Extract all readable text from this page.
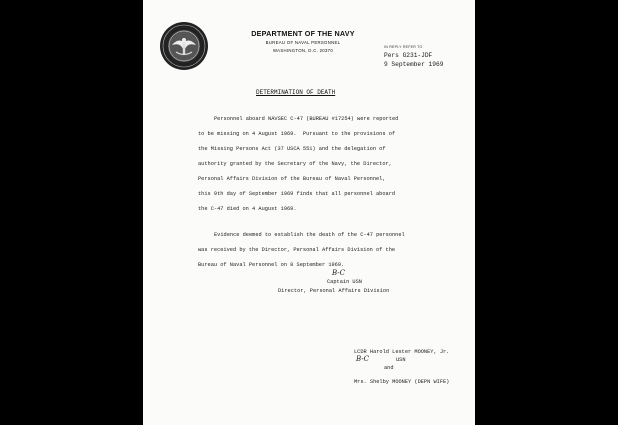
DEPARTMENT OF THE NAVY
BUREAU OF NAVAL PERSONNEL
WASHINGTON, D.C. 20370
IN REPLY REFER TO
Pers G231-JDF
9 September 1969
DETERMINATION OF DEATH
Personnel aboard NAVSEC C-47 (BUREAU #17254) were reported
to be missing on 4 August 1969.  Pursuant to the provisions of
the Missing Persons Act (37 USCA 551) and the delegation of
authority granted by the Secretary of the Navy, the Director,
Personal Affairs Division of the Bureau of Naval Personnel,
this 9th day of September 1969 finds that all personnel aboard
the C-47 died on 4 August 1969.
Evidence deemed to establish the death of the C-47 personnel
was received by the Director, Personal Affairs Division of the
Bureau of Naval Personnel on 8 September 1969.
B-C
Captain USN
Director, Personal Affairs Division
LCDR Harold Lester MOONEY, Jr.
B-C	USN
and
Mrs. Shelby MOONEY (DEPN WIFE)
